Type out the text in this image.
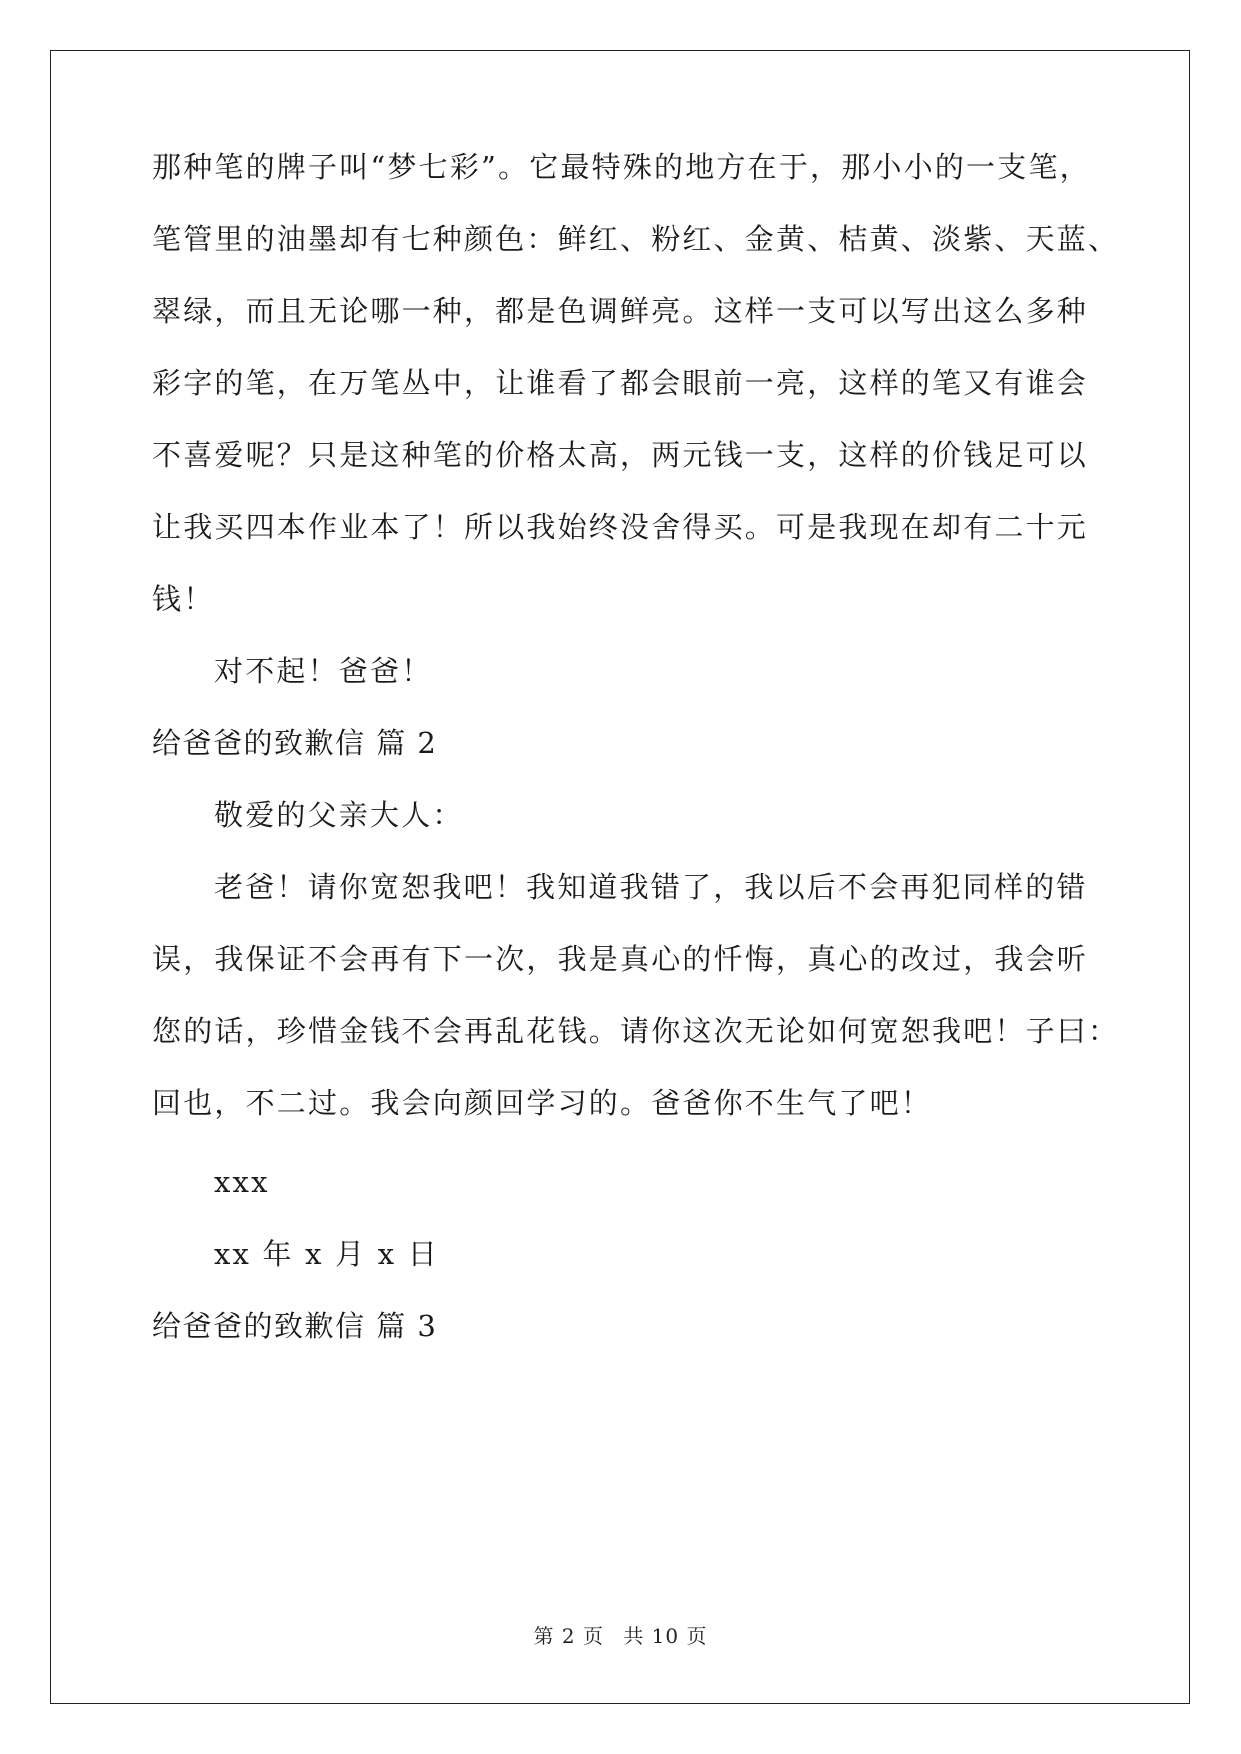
那种笔的牌子叫“梦七彩”。它最特殊的地方在于，那小小的一支笔，
笔管里的油墨却有七种颜色：鲜红、粉红、金黄、桔黄、淡紫、天蓝、
翠绿，而且无论哪一种，都是色调鲜亮。这样一支可以写出这么多种
彩字的笔，在万笔丛中，让谁看了都会眼前一亮，这样的笔又有谁会
不喜爱呢？只是这种笔的价格太高，两元钱一支，这样的价钱足可以
让我买四本作业本了！所以我始终没舍得买。可是我现在却有二十元
钱！
对不起！爸爸！
给爸爸的致歉信 篇 2
敬爱的父亲大人：
老爸！请你宽恕我吧！我知道我错了，我以后不会再犯同样的错
误，我保证不会再有下一次，我是真心的忏悔，真心的改过，我会听
您的话，珍惜金钱不会再乱花钱。请你这次无论如何宽恕我吧！子曰：
回也，不二过。我会向颜回学习的。爸爸你不生气了吧！
xxx
xx 年 x 月 x 日
给爸爸的致歉信 篇 3
第 2 页 共 10 页
